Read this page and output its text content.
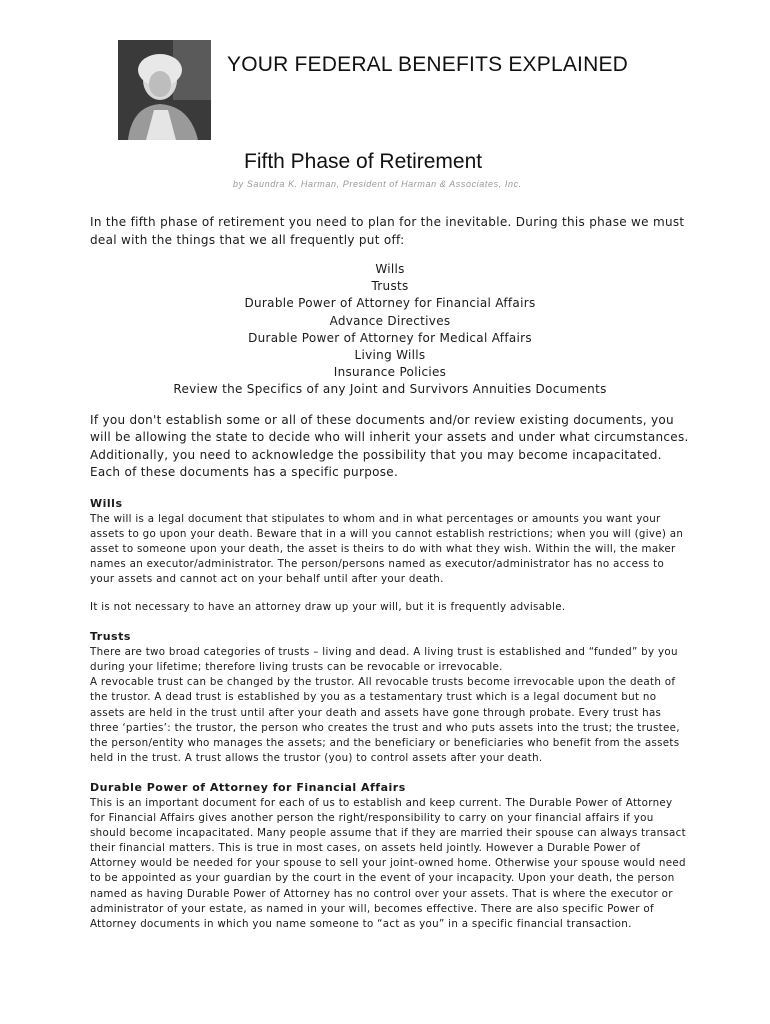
YOUR FEDERAL BENEFITS EXPLAINED
Fifth Phase of Retirement
by Saundra K. Harman, President of Harman & Associates, Inc.

In the fifth phase of retirement you need to plan for the inevitable. During this phase we must deal with the things that we all frequently put off:

Wills
Trusts
Durable Power of Attorney for Financial Affairs
Advance Directives
Durable Power of Attorney for Medical Affairs
Living Wills
Insurance Policies
Review the Specifics of any Joint and Survivors Annuities Documents

If you don't establish some or all of these documents and/or review existing documents, you will be allowing the state to decide who will inherit your assets and under what circumstances. Additionally, you need to acknowledge the possibility that you may become incapacitated. Each of these documents has a specific purpose.

Wills

The will is a legal document that stipulates to whom and in what percentages or amounts you want your assets to go upon your death. Beware that in a will you cannot establish restrictions; when you will (give) an asset to someone upon your death, the asset is theirs to do with what they wish. Within the will, the maker names an executor/administrator. The person/persons named as executor/administrator has no access to your assets and cannot act on your behalf until after your death.

It is not necessary to have an attorney draw up your will, but it is frequently advisable.

Trusts

There are two broad categories of trusts – living and dead. A living trust is established and “funded” by you during your lifetime; therefore living trusts can be revocable or irrevocable.

A revocable trust can be changed by the trustor. All revocable trusts become irrevocable upon the death of the trustor. A dead trust is established by you as a testamentary trust which is a legal document but no assets are held in the trust until after your death and assets have gone through probate. Every trust has three ‘parties’: the trustor, the person who creates the trust and who puts assets into the trust; the trustee, the person/entity who manages the assets; and the beneficiary or beneficiaries who benefit from the assets held in the trust. A trust allows the trustor (you) to control assets after your death.

Durable Power of Attorney for Financial Affairs

This is an important document for each of us to establish and keep current. The Durable Power of Attorney for Financial Affairs gives another person the right/responsibility to carry on your financial affairs if you should become incapacitated. Many people assume that if they are married their spouse can always transact their financial matters. This is true in most cases, on assets held jointly. However a Durable Power of Attorney would be needed for your spouse to sell your joint-owned home. Otherwise your spouse would need to be appointed as your guardian by the court in the event of your incapacity. Upon your death, the person named as having Durable Power of Attorney has no control over your assets. That is where the executor or administrator of your estate, as named in your will, becomes effective. There are also specific Power of Attorney documents in which you name someone to “act as you” in a specific financial transaction.
